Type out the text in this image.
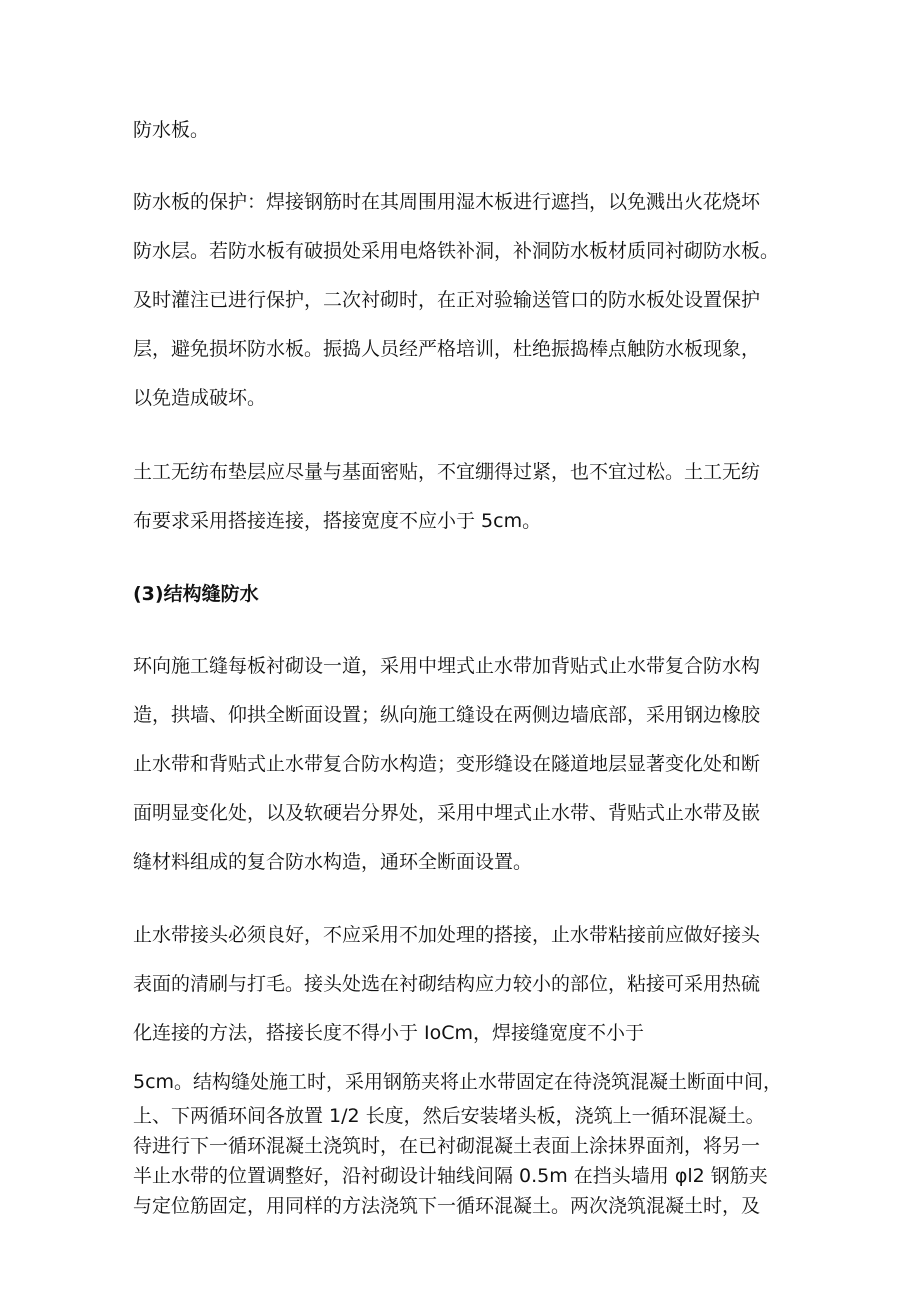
防水板。

防水板的保护：焊接钢筋时在其周围用湿木板进行遮挡，以免溅出火花烧坏

防水层。若防水板有破损处采用电烙铁补洞，补洞防水板材质同衬砌防水板。

及时灌注已进行保护，二次衬砌时，在正对验输送管口的防水板处设置保护

层，避免损坏防水板。振捣人员经严格培训，杜绝振捣棒点触防水板现象，

以免造成破坏。

土工无纺布垫层应尽量与基面密贴，不宜绷得过紧，也不宜过松。土工无纺

布要求采用搭接连接，搭接宽度不应小于 5cm。

(3)结构缝防水

环向施工缝每板衬砌设一道，采用中埋式止水带加背贴式止水带复合防水构

造，拱墙、仰拱全断面设置；纵向施工缝设在两侧边墙底部，采用钢边橡胶

止水带和背贴式止水带复合防水构造；变形缝设在隧道地层显著变化处和断

面明显变化处，以及软硬岩分界处，采用中埋式止水带、背贴式止水带及嵌

缝材料组成的复合防水构造，通环全断面设置。

止水带接头必须良好，不应采用不加处理的搭接，止水带粘接前应做好接头

表面的清刷与打毛。接头处选在衬砌结构应力较小的部位，粘接可采用热硫

化连接的方法，搭接长度不得小于 IoCm，焊接缝宽度不小于

5cm。结构缝处施工时，采用钢筋夹将止水带固定在待浇筑混凝土断面中间，

上、下两循环间各放置 1/2 长度，然后安装堵头板，浇筑上一循环混凝土。

待进行下一循环混凝土浇筑时，在已衬砌混凝土表面上涂抹界面剂，将另一

半止水带的位置调整好，沿衬砌设计轴线间隔 0.5m 在挡头墙用 φl2 钢筋夹

与定位筋固定，用同样的方法浇筑下一循环混凝土。两次浇筑混凝土时，及
